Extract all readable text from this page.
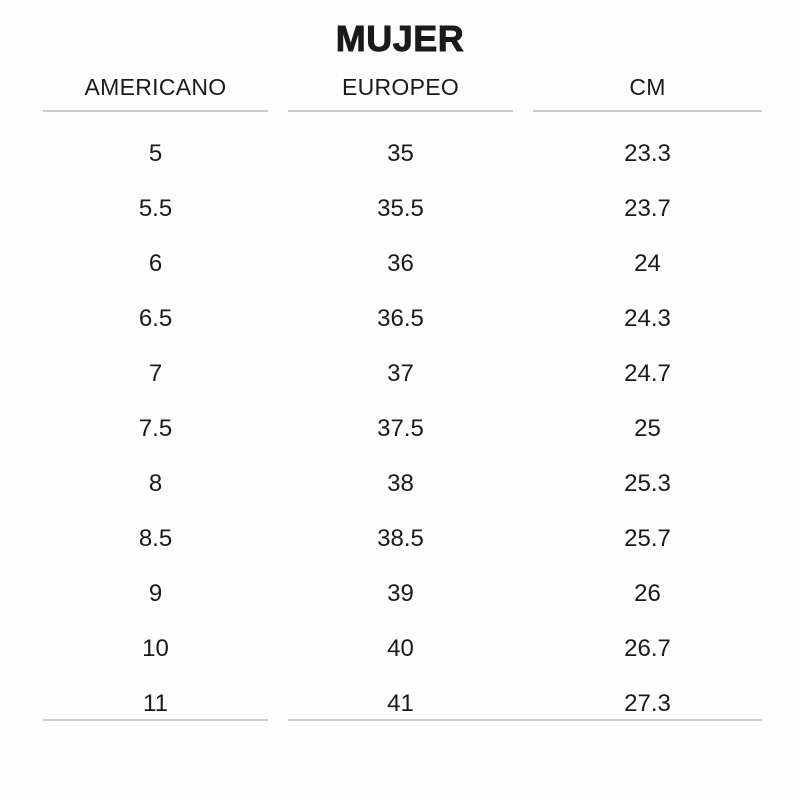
MUJER
AMERICANO	EUROPEO	CM
5	35	23.3
5.5	35.5	23.7
6	36	24
6.5	36.5	24.3
7	37	24.7
7.5	37.5	25
8	38	25.3
8.5	38.5	25.7
9	39	26
10	40	26.7
11	41	27.3
